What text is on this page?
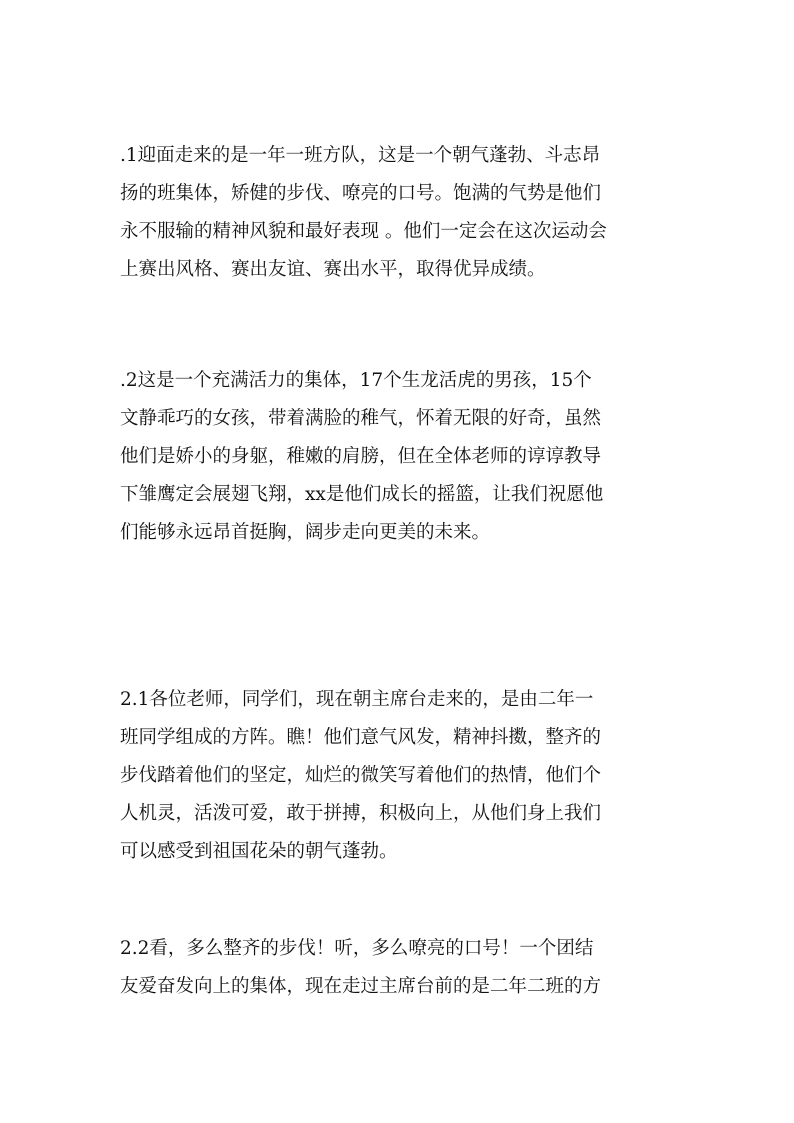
.1迎面走来的是一年一班方队，这是一个朝气蓬勃、斗志昂
扬的班集体，矫健的步伐、嘹亮的口号。饱满的气势是他们
永不服输的精神风貌和最好表现 。他们一定会在这次运动会
上赛出风格、赛出友谊、赛出水平，取得优异成绩。
.2这是一个充满活力的集体，17个生龙活虎的男孩，15个
文静乖巧的女孩，带着满脸的稚气，怀着无限的好奇，虽然
他们是娇小的身躯，稚嫩的肩膀，但在全体老师的谆谆教导
下雏鹰定会展翅飞翔，xx是他们成长的摇篮，让我们祝愿他
们能够永远昂首挺胸，阔步走向更美的未来。
2.1各位老师，同学们，现在朝主席台走来的，是由二年一
班同学组成的方阵。瞧！他们意气风发，精神抖擞，整齐的
步伐踏着他们的坚定，灿烂的微笑写着他们的热情，他们个
人机灵，活泼可爱，敢于拼搏，积极向上，从他们身上我们
可以感受到祖国花朵的朝气蓬勃。
2.2看，多么整齐的步伐！听，多么嘹亮的口号！一个团结
友爱奋发向上的集体，现在走过主席台前的是二年二班的方
